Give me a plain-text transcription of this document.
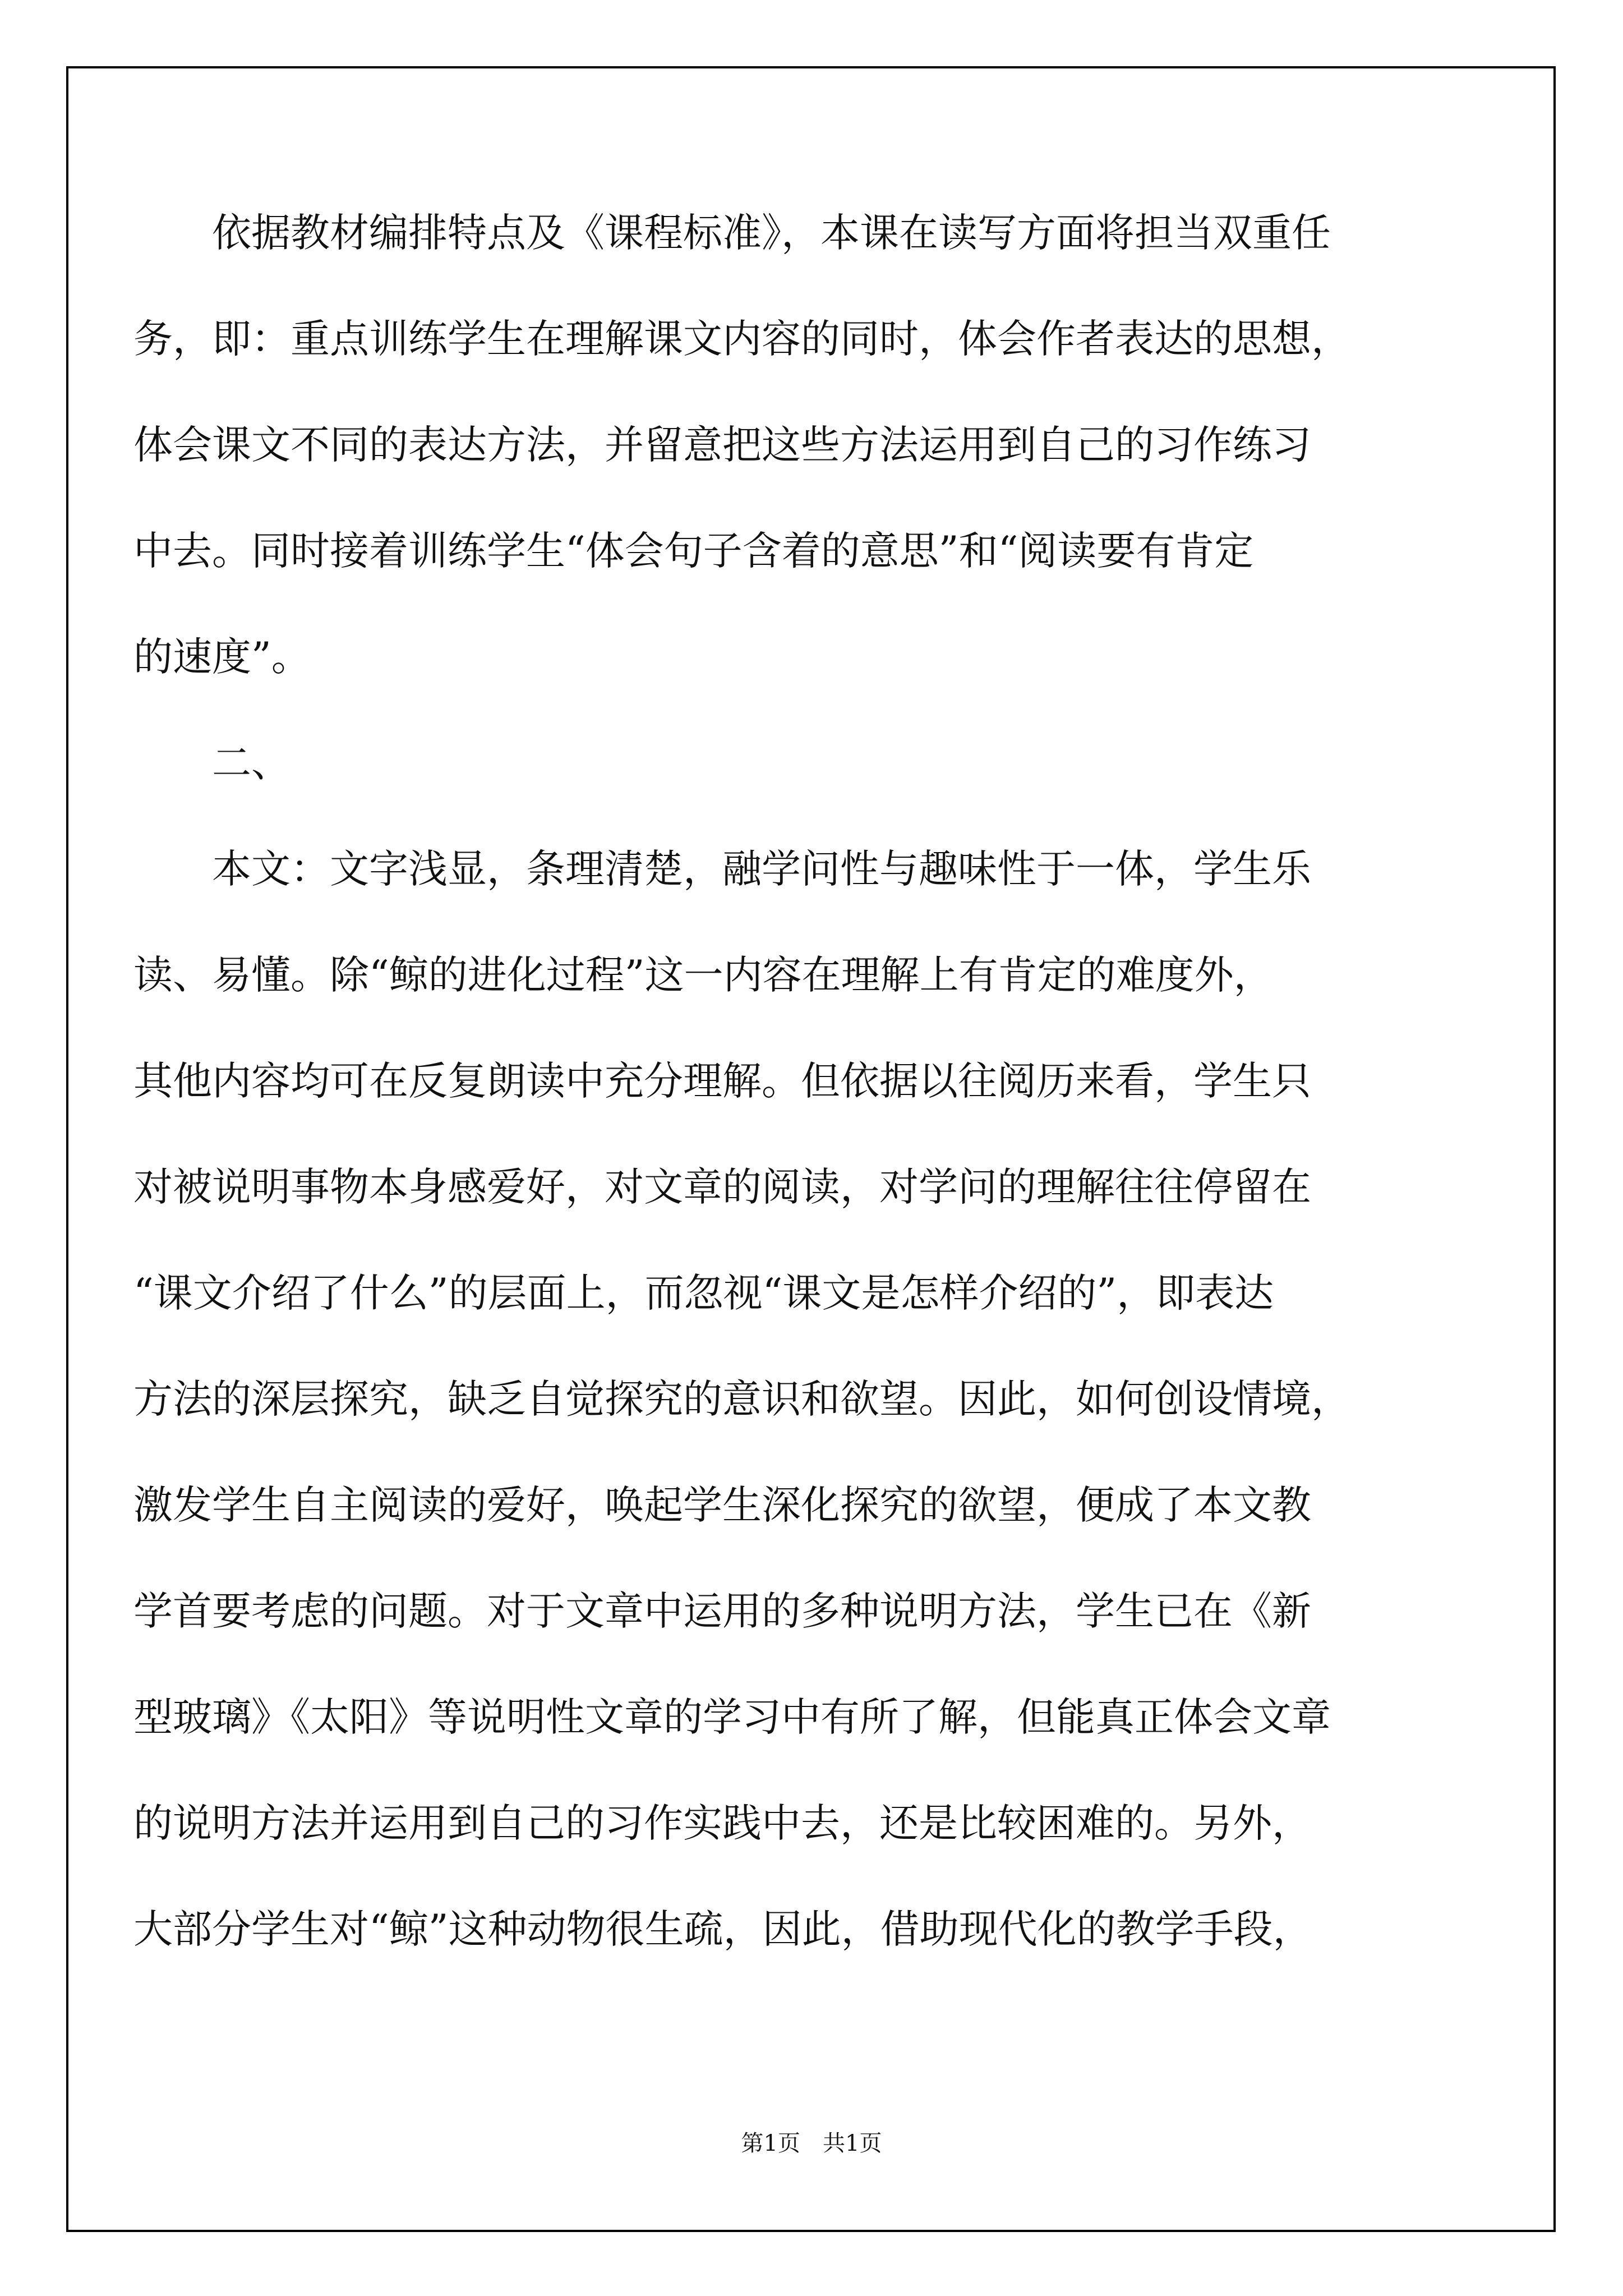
　　依据教材编排特点及《课程标准》，本课在读写方面将担当双重任
务，即：重点训练学生在理解课文内容的同时，体会作者表达的思想，
体会课文不同的表达方法，并留意把这些方法运用到自己的习作练习
中去。同时接着训练学生“体会句子含着的意思”和“阅读要有肯定
的速度”。
　　二、
　　本文：文字浅显，条理清楚，融学问性与趣味性于一体，学生乐
读、易懂。除“鲸的进化过程”这一内容在理解上有肯定的难度外，
其他内容均可在反复朗读中充分理解。但依据以往阅历来看，学生只
对被说明事物本身感爱好，对文章的阅读，对学问的理解往往停留在
“课文介绍了什么”的层面上，而忽视“课文是怎样介绍的”，即表达
方法的深层探究，缺乏自觉探究的意识和欲望。因此，如何创设情境，
激发学生自主阅读的爱好，唤起学生深化探究的欲望，便成了本文教
学首要考虑的问题。对于文章中运用的多种说明方法，学生已在《新
型玻璃》《太阳》等说明性文章的学习中有所了解，但能真正体会文章
的说明方法并运用到自己的习作实践中去，还是比较困难的。另外，
大部分学生对“鲸”这种动物很生疏，因此，借助现代化的教学手段，
第1页 共1页
